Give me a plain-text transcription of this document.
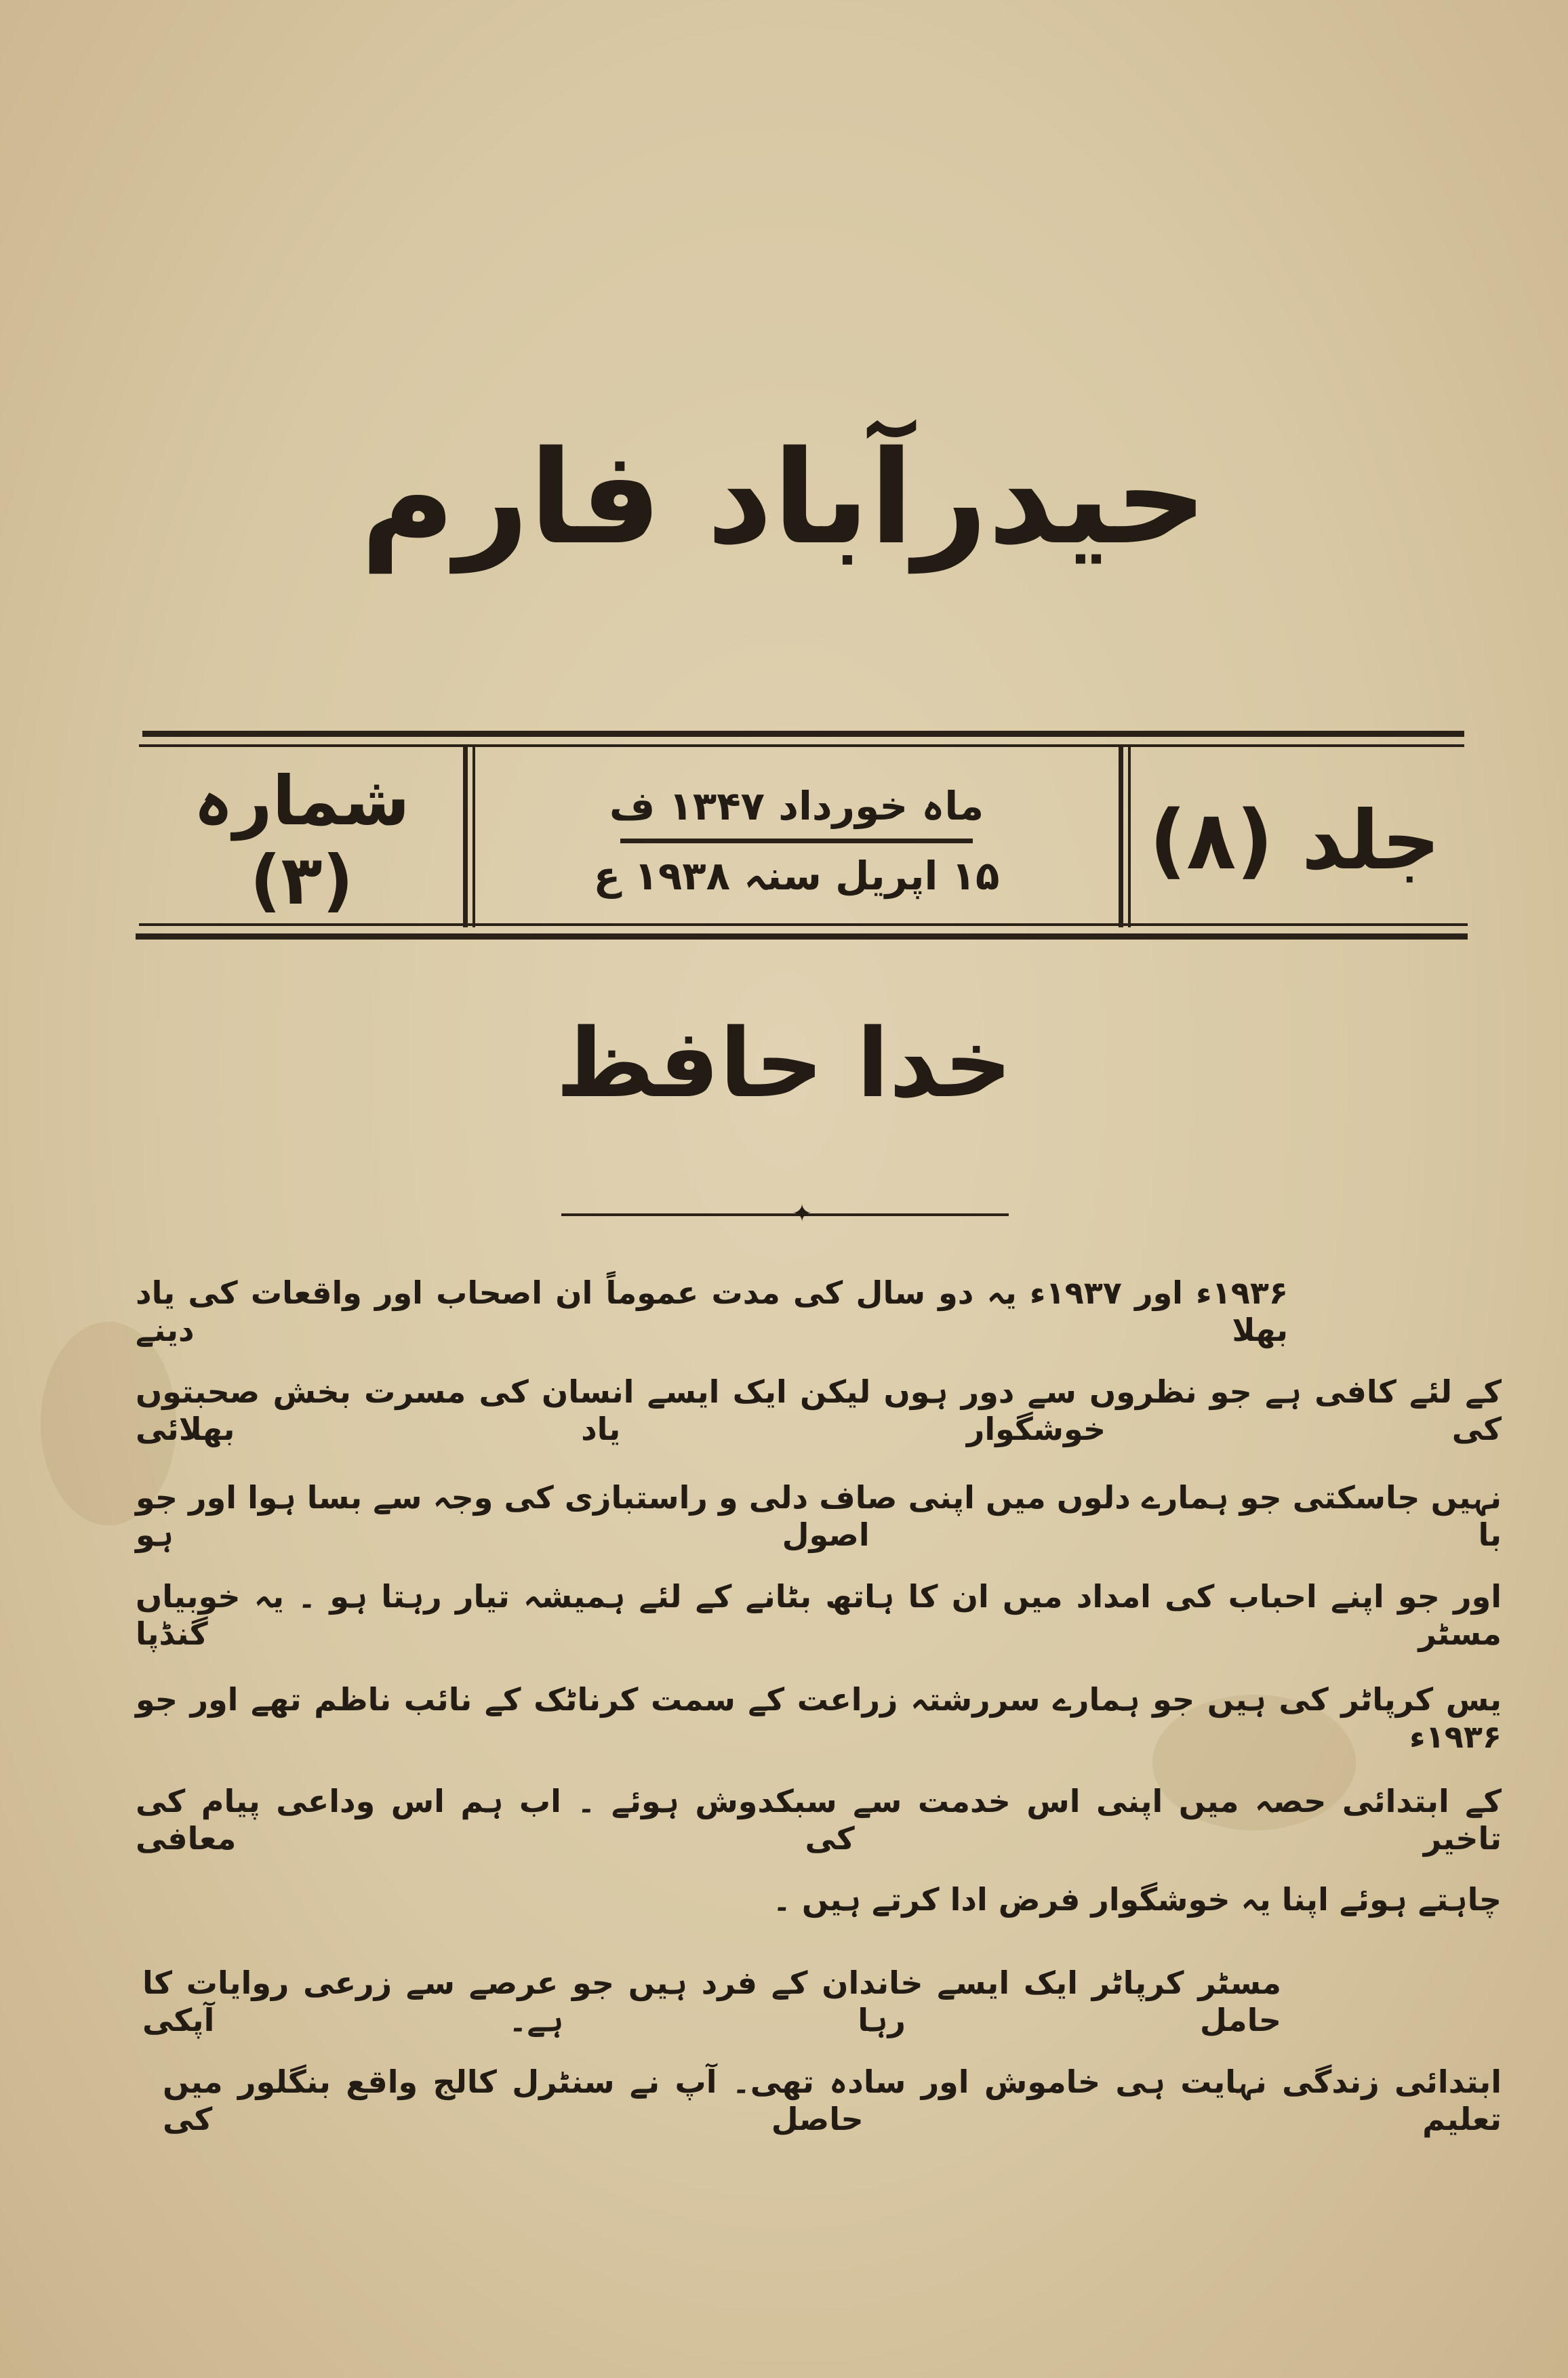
حیدرآباد فارم
شمارہ (۳)
ماہ خورداد ۱۳۴۷ ف
۱۵ اپریل سنہ ۱۹۳۸ ع جلد (۸)
خدا حافظ
✦
۱۹۳۶ء اور ۱۹۳۷ء یہ دو سال کی مدت عموماً ان اصحاب اور واقعات کی یاد بھلا دینے
کے لئے کافی ہے جو نظروں سے دور ہوں لیکن ایک ایسے انسان کی مسرت بخش صحبتوں کی خوشگوار یاد بھلائی
نہیں جاسکتی جو ہمارے دلوں میں اپنی صاف دلی و راستبازی کی وجہ سے بسا ہوا اور جو با اصول ہو
اور جو اپنے احباب کی امداد میں ان کا ہاتھ بٹانے کے لئے ہمیشہ تیار رہتا ہو ۔ یہ خوبیاں مسٹر گنڈپا
یس کرپاٹر کی ہیں جو ہمارے سررشتہ زراعت کے سمت کرناٹک کے نائب ناظم تھے اور جو ۱۹۳۶ء
کے ابتدائی حصہ میں اپنی اس خدمت سے سبکدوش ہوئے ۔ اب ہم اس وداعی پیام کی تاخیر کی معافی
چاہتے ہوئے اپنا یہ خوشگوار فرض ادا کرتے ہیں ۔
مسٹر کرپاٹر ایک ایسے خاندان کے فرد ہیں جو عرصے سے زرعی روایات کا حامل رہا ہے۔ آپکی
ابتدائی زندگی نہایت ہی خاموش اور سادہ تھی۔ آپ نے سنٹرل کالج واقع بنگلور میں تعلیم حاصل کی
